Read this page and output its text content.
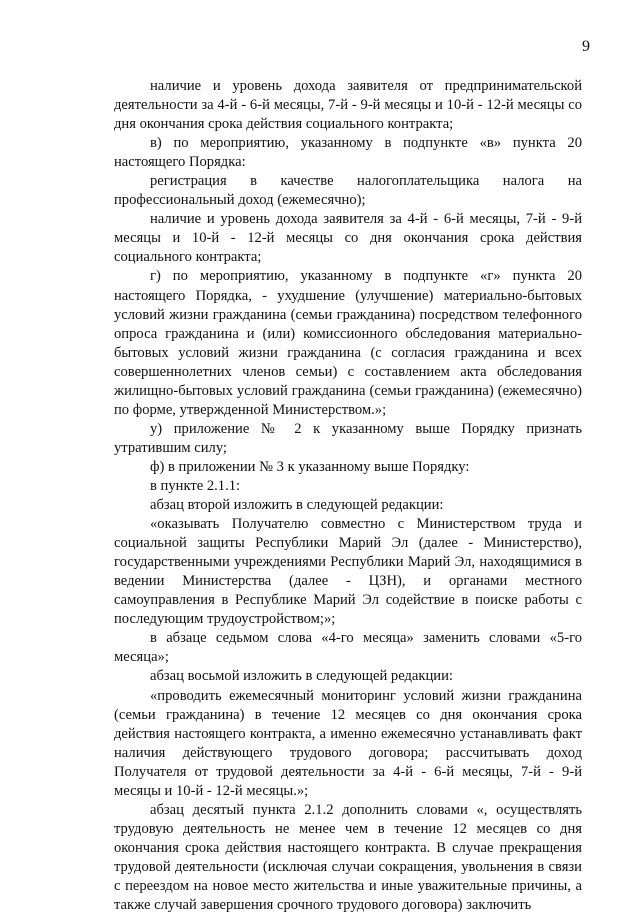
9

наличие и уровень дохода заявителя от предпринимательской деятельности за 4-й - 6-й месяцы, 7-й - 9-й месяцы и 10-й - 12-й месяцы со дня окончания срока действия социального контракта;

в) по мероприятию, указанному в подпункте «в» пункта 20 настоящего Порядка:

регистрация в качестве налогоплательщика налога на профессиональный доход (ежемесячно);

наличие и уровень дохода заявителя за 4-й - 6-й месяцы, 7-й - 9-й месяцы и 10-й - 12-й месяцы со дня окончания срока действия социального контракта;

г) по мероприятию, указанному в подпункте «г» пункта 20 настоящего Порядка, - ухудшение (улучшение) материально-бытовых условий жизни гражданина (семьи гражданина) посредством телефонного опроса гражданина и (или) комиссионного обследования материально-бытовых условий жизни гражданина (с согласия гражданина и всех совершеннолетних членов семьи) с составлением акта обследования жилищно-бытовых условий гражданина (семьи гражданина) (ежемесячно) по форме, утвержденной Министерством.»;

у) приложение № 2 к указанному выше Порядку признать утратившим силу;

ф) в приложении № 3 к указанному выше Порядку:

в пункте 2.1.1:

абзац второй изложить в следующей редакции:

«оказывать Получателю совместно с Министерством труда и социальной защиты Республики Марий Эл (далее - Министерство), государственными учреждениями Республики Марий Эл, находящимися в ведении Министерства (далее - ЦЗН), и органами местного самоуправления в Республике Марий Эл содействие в поиске работы с последующим трудоустройством;»;

в абзаце седьмом слова «4-го месяца» заменить словами «5-го месяца»;

абзац восьмой изложить в следующей редакции:

«проводить ежемесячный мониторинг условий жизни гражданина (семьи гражданина) в течение 12 месяцев со дня окончания срока действия настоящего контракта, а именно ежемесячно устанавливать факт наличия действующего трудового договора; рассчитывать доход Получателя от трудовой деятельности за 4-й - 6-й месяцы, 7-й - 9-й месяцы и 10-й - 12-й месяцы.»;

абзац десятый пункта 2.1.2 дополнить словами «, осуществлять трудовую деятельность не менее чем в течение 12 месяцев со дня окончания срока действия настоящего контракта. В случае прекращения трудовой деятельности (исключая случаи сокращения, увольнения в связи с переездом на новое место жительства и иные уважительные причины, а также случай завершения срочного трудового договора) заключить
